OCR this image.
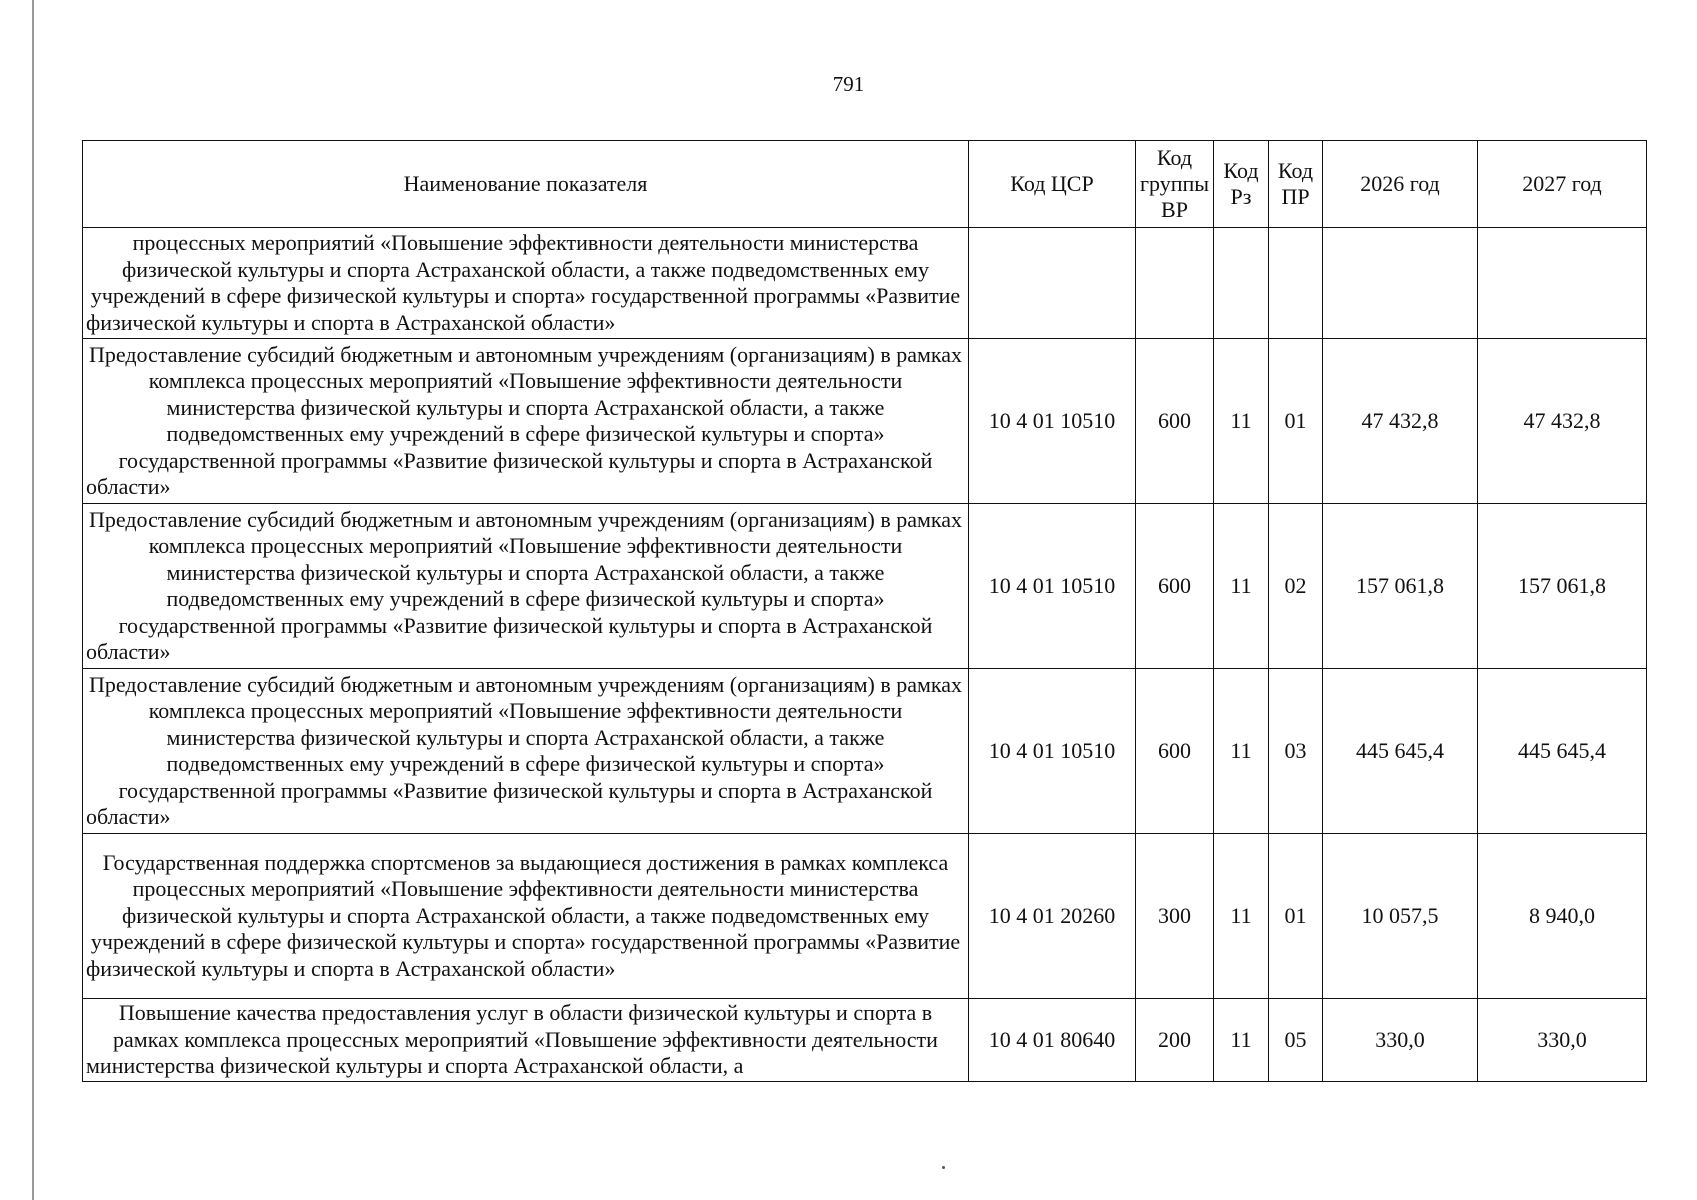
791
Наименование показателя	Код ЦСР	Код группы ВР	Код Рз	Код ПР	2026 год	2027 год
процессных мероприятий «Повышение эффективности деятельности министерства физической культуры и спорта Астраханской области, а также подведомственных ему учреждений в сфере физической культуры и спорта» государственной программы «Развитие физической культуры и спорта в Астраханской области»						
Предоставление субсидий бюджетным и автономным учреждениям (организациям) в рамках комплекса процессных мероприятий «Повышение эффективности деятельности министерства физической культуры и спорта Астраханской области, а также подведомственных ему учреждений в сфере физической культуры и спорта» государственной программы «Развитие физической культуры и спорта в Астраханской области»	10 4 01 10510	600	11	01	47 432,8	47 432,8
Предоставление субсидий бюджетным и автономным учреждениям (организациям) в рамках комплекса процессных мероприятий «Повышение эффективности деятельности министерства физической культуры и спорта Астраханской области, а также подведомственных ему учреждений в сфере физической культуры и спорта» государственной программы «Развитие физической культуры и спорта в Астраханской области»	10 4 01 10510	600	11	02	157 061,8	157 061,8
Предоставление субсидий бюджетным и автономным учреждениям (организациям) в рамках комплекса процессных мероприятий «Повышение эффективности деятельности министерства физической культуры и спорта Астраханской области, а также подведомственных ему учреждений в сфере физической культуры и спорта» государственной программы «Развитие физической культуры и спорта в Астраханской области»	10 4 01 10510	600	11	03	445 645,4	445 645,4
Государственная поддержка спортсменов за выдающиеся достижения в рамках комплекса процессных мероприятий «Повышение эффективности деятельности министерства физической культуры и спорта Астраханской области, а также подведомственных ему учреждений в сфере физической культуры и спорта» государственной программы «Развитие физической культуры и спорта в Астраханской области»	10 4 01 20260	300	11	01	10 057,5	8 940,0

Повышение качества предоставления услуг в области физической культуры и спорта в рамках комплекса процессных мероприятий «Повышение эффективности деятельности министерства физической культуры и спорта Астраханской области, а	10 4 01 80640	200	11	05	330,0	330,0
